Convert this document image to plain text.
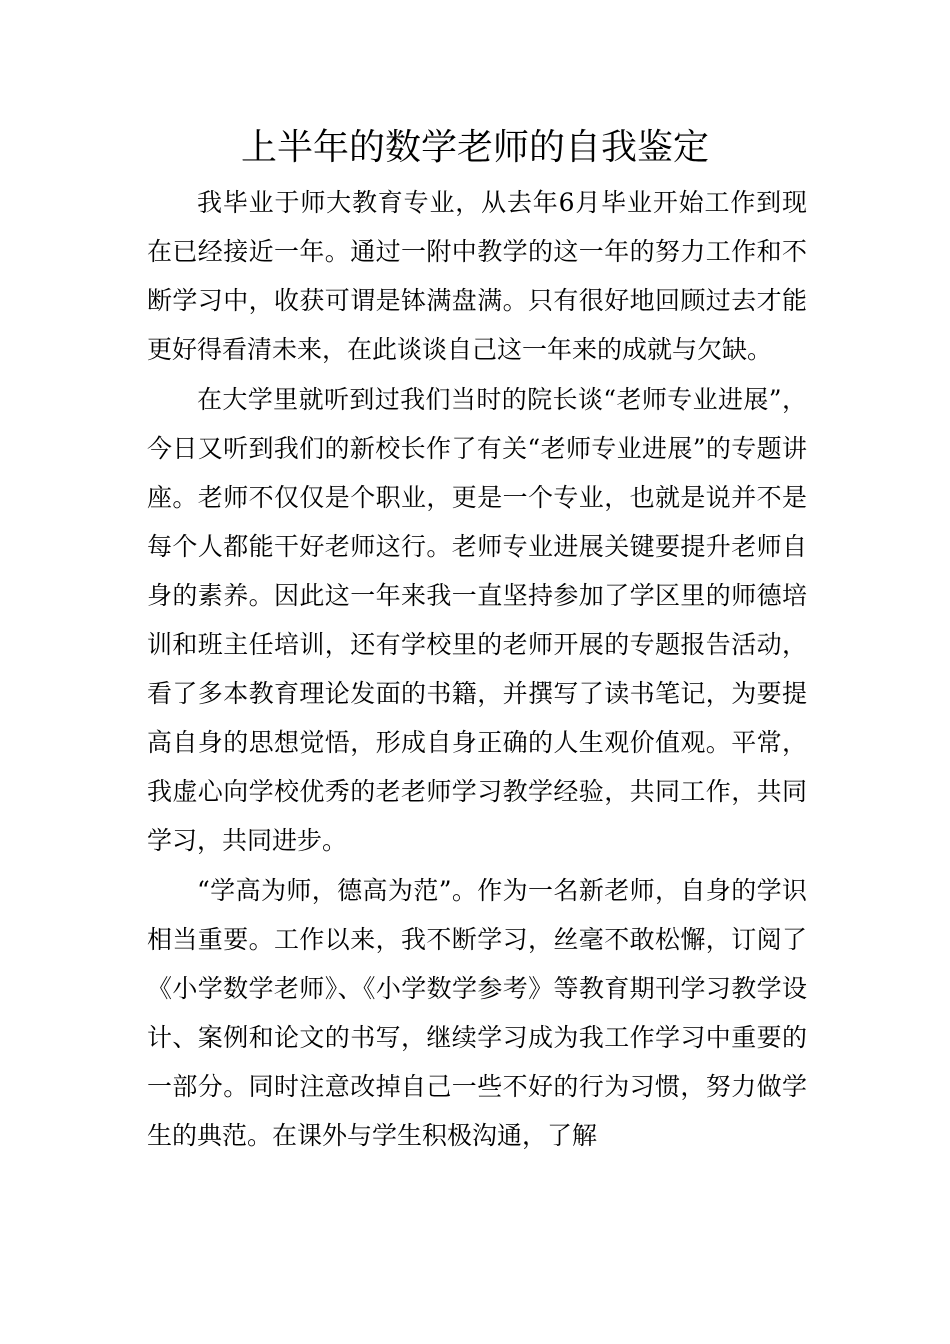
上半年的数学老师的自我鉴定

我毕业于师大教育专业，从去年6月毕业开始工作到现在已经接近一年。通过一附中教学的这一年的努力工作和不断学习中，收获可谓是钵满盘满。只有很好地回顾过去才能更好得看清未来，在此谈谈自己这一年来的成就与欠缺。

在大学里就听到过我们当时的院长谈“老师专业进展”，今日又听到我们的新校长作了有关“老师专业进展”的专题讲座。老师不仅仅是个职业，更是一个专业，也就是说并不是每个人都能干好老师这行。老师专业进展关键要提升老师自身的素养。因此这一年来我一直坚持参加了学区里的师德培训和班主任培训，还有学校里的老师开展的专题报告活动，看了多本教育理论发面的书籍，并撰写了读书笔记，为要提高自身的思想觉悟，形成自身正确的人生观价值观。平常，我虚心向学校优秀的老老师学习教学经验，共同工作，共同学习，共同进步。

“学高为师，德高为范”。作为一名新老师，自身的学识相当重要。工作以来，我不断学习，丝毫不敢松懈，订阅了《小学数学老师》、《小学数学参考》等教育期刊学习教学设计、案例和论文的书写，继续学习成为我工作学习中重要的一部分。同时注意改掉自己一些不好的行为习惯，努力做学生的典范。在课外与学生积极沟通，了解
